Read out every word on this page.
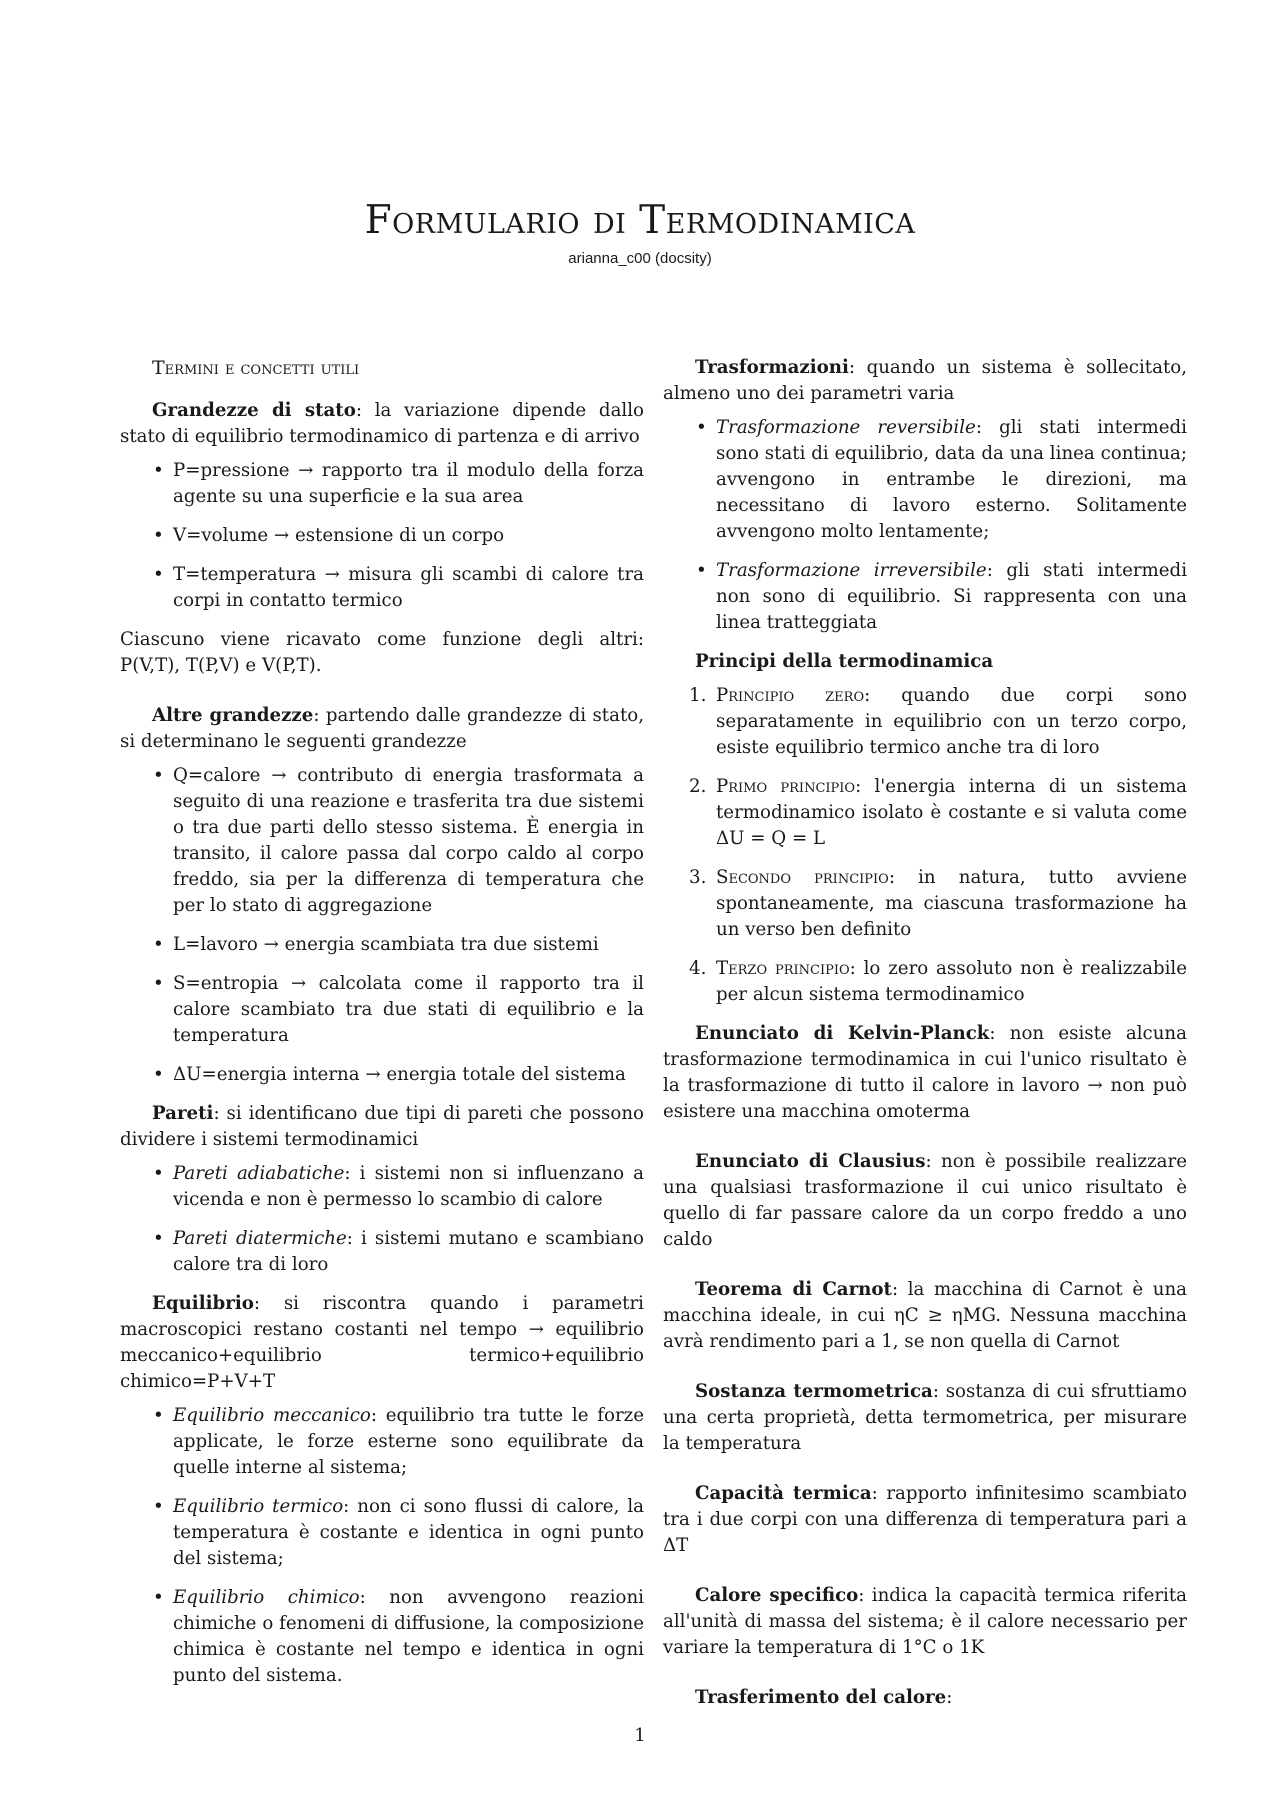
Formulario di Termodinamica
arianna_c00 (docsity)
Termini e concetti utili

Grandezze di stato: la variazione dipende dallo stato di equilibrio termodinamico di partenza e di arrivo

• P=pressione → rapporto tra il modulo della forza agente su una superficie e la sua area
• V=volume → estensione di un corpo
• T=temperatura → misura gli scambi di calore tra corpi in contatto termico

Ciascuno viene ricavato come funzione degli altri: P(V,T), T(P,V) e V(P,T).

Altre grandezze: partendo dalle grandezze di stato, si determinano le seguenti grandezze

• Q=calore → contributo di energia trasformata a seguito di una reazione e trasferita tra due sistemi o tra due parti dello stesso sistema. È energia in transito, il calore passa dal corpo caldo al corpo freddo, sia per la differenza di temperatura che per lo stato di aggregazione
• L=lavoro → energia scambiata tra due sistemi
• S=entropia → calcolata come il rapporto tra il calore scambiato tra due stati di equilibrio e la temperatura
• ΔU=energia interna → energia totale del sistema

Pareti: si identificano due tipi di pareti che possono dividere i sistemi termodinamici

• Pareti adiabatiche: i sistemi non si influenzano a vicenda e non è permesso lo scambio di calore
• Pareti diatermiche: i sistemi mutano e scambiano calore tra di loro

Equilibrio: si riscontra quando i parametri macroscopici restano costanti nel tempo → equilibrio meccanico+equilibrio termico+equilibrio chimico=P+V+T

• Equilibrio meccanico: equilibrio tra tutte le forze applicate, le forze esterne sono equilibrate da quelle interne al sistema;
• Equilibrio termico: non ci sono flussi di calore, la temperatura è costante e identica in ogni punto del sistema;
• Equilibrio chimico: non avvengono reazioni chimiche o fenomeni di diffusione, la composizione chimica è costante nel tempo e identica in ogni punto del sistema.

Trasformazioni: quando un sistema è sollecitato, almeno uno dei parametri varia

• Trasformazione reversibile: gli stati intermedi sono stati di equilibrio, data da una linea continua; avvengono in entrambe le direzioni, ma necessitano di lavoro esterno. Solitamente avvengono molto lentamente;
• Trasformazione irreversibile: gli stati intermedi non sono di equilibrio. Si rappresenta con una linea tratteggiata

Principi della termodinamica

1. Principio zero: quando due corpi sono separatamente in equilibrio con un terzo corpo, esiste equilibrio termico anche tra di loro
2. Primo principio: l'energia interna di un sistema termodinamico isolato è costante e si valuta come ΔU = Q = L
3. Secondo principio: in natura, tutto avviene spontaneamente, ma ciascuna trasformazione ha un verso ben definito
4. Terzo principio: lo zero assoluto non è realizzabile per alcun sistema termodinamico

Enunciato di Kelvin-Planck: non esiste alcuna trasformazione termodinamica in cui l'unico risultato è la trasformazione di tutto il calore in lavoro → non può esistere una macchina omoterma

Enunciato di Clausius: non è possibile realizzare una qualsiasi trasformazione il cui unico risultato è quello di far passare calore da un corpo freddo a uno caldo

Teorema di Carnot: la macchina di Carnot è una macchina ideale, in cui ηC ≥ ηMG. Nessuna macchina avrà rendimento pari a 1, se non quella di Carnot

Sostanza termometrica: sostanza di cui sfruttiamo una certa proprietà, detta termometrica, per misurare la temperatura

Capacità termica: rapporto infinitesimo scambiato tra i due corpi con una differenza di temperatura pari a ΔT

Calore specifico: indica la capacità termica riferita all'unità di massa del sistema; è il calore necessario per variare la temperatura di 1°C o 1K

Trasferimento del calore:

1
